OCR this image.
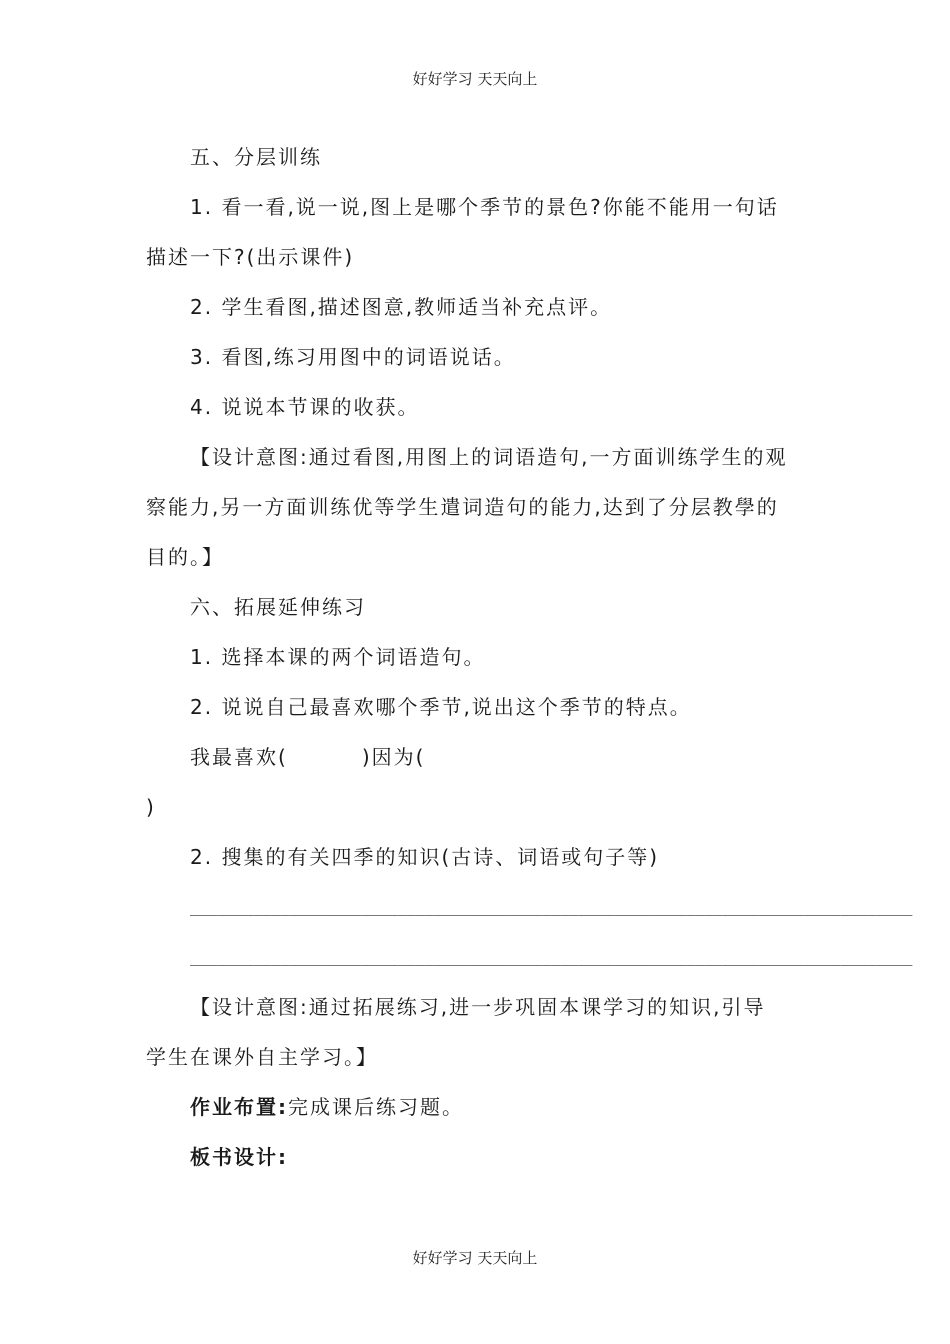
好好学习 天天向上

五、分层训练

1. 看一看,说一说,图上是哪个季节的景色?你能不能用一句话

描述一下?(出示课件)

2. 学生看图,描述图意,教师适当补充点评。

3. 看图,练习用图中的词语说话。

4. 说说本节课的收获。

【设计意图:通过看图,用图上的词语造句,一方面训练学生的观

察能力,另一方面训练优等学生遣词造句的能力,达到了分层教學的

目的。】

六、拓展延伸练习

1. 选择本课的两个词语造句。

2. 说说自己最喜欢哪个季节,说出这个季节的特点。

我最喜欢(	)因为(

)

2. 搜集的有关四季的知识(古诗、词语或句子等)

________________________________________________________________________________

________________________________________________________________________________

【设计意图:通过拓展练习,进一步巩固本课学习的知识,引导

学生在课外自主学习。】

作业布置:完成课后练习题。

板书设计:

好好学习 天天向上
